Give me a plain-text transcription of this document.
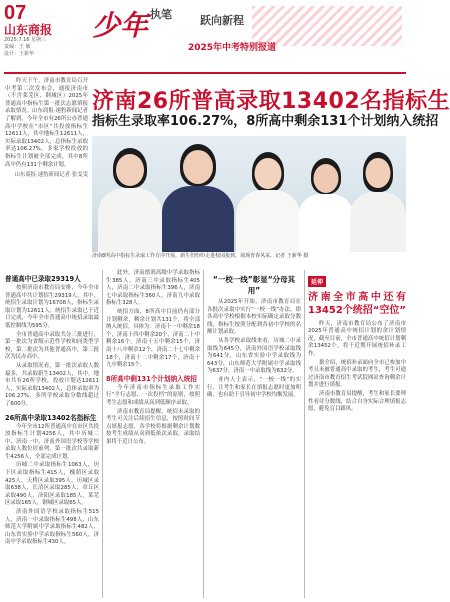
07
山东商报
2025.7.16 星期三
责编：王 敏
设计：王新华
少年 执笔	跃向新程
2025年中考特别报道
济南26所普高录取13402名指标生
指标生录取率106.27%，8所高中剩余131个计划纳入统招

昨天下午，济南市教育局召开中考第二次发布会，通报济南市（不含莱芜区、钢城区）2025年普通高中指标生第一批次志愿填报录取情况。山东商报·速豹新闻记者了解到，今年全市有26所公办普通高中学校在“市区”共投放指标生12611人，其中地标生12611人，实际录取13402人，总指标生录取率达106.27%，多家学校投放的指标生计划被全部完成，其中8所高中仍有131个剩余计划。

山东商报·速豹新闻记者 张雯雯
济南8所高中指标生录取工作有序开展。新生们纷纷走进校园报到，展现青春风采。记者 王新华 摄
普通高中已录取29319人

按照济南市教育局安排，今年全市普通高中共计划招生29319人，其中，统招生录取计划为16708人，指标生录取计划为12611人。统招生录取已于近日完成，今年全市普通高中统招录取最低控制线为595分。

全市普通高中录取共分三批进行，第一批次为省级示范性学校和同类型学校，第二批次为其他普通高中，第三批次为民办高中。

从录取情况看，第一批次录取人数最多，共录取新生13402人，其中，地市共有26所学校，投放计划达12611人，实际录取13402人，总体录取率为106.27%，多所学校录取分数线超过了600分。

26所高中录取13402名指标生

今年全市12所普通高中在市区共投放指标生计划4256人，其中历城二中、济南一中、济南外国语学校等学校录取人数位居前列，第一批次共录取新生4256人，全部完成计划。

历城二中录取指标生1063人，历下区录取指标生415人，槐荫区录取425人，天桥区录取395人，历城区录取638人，长清区录取285人，章丘区录取490人，济阳区录取185人，莱芜区录取165人，钢城区录取65人。

济南外国语学校录取指标生515人，济南一中录取指标生498人，山东师范大学附属中学录取指标生482人，山东省实验中学录取指标生560人，济南中学录取指标生430人。

此外，济南德润高级中学录取指标生385人，济南三中录取指标生405人，济南二中录取指标生396人，济南七中录取指标生360人，济南九中录取指标生328人。

统招方面，8所高中目前仍有部分计划剩余，剩余计划共131个，将全部纳入统招。具体为：济南十一中剩余18个，济南十四中剩余20个，济南二十中剩余16个，济南十五中剩余15个，济南十八中剩余12个，济南二十七中剩余18个，济南十二中剩余17个，济南十九中剩余15个。

8所高中剩131个计划纳入统招

今年济南市指标生录取工作实行“平行志愿、一次投档”的原则，按照考生志愿和成绩从高到低顺序录取。

济南市教育局提醒，统招未录取的考生可关注后续招生信息，按照时间节点填报志愿，各学校将根据剩余计划数按考生成绩从高到低依次录取，录取结果将于近日公布。

“一校一线”彰显“分母其用”

从2025年开始，济南市教育局在各批次录取中实行“一校一线”办法，即各高中学校根据本校实际确定录取分数线，指标生按照分配到各初中学校的名额计划录取。

从各学校录取线来看，历城二中录取线为645分，济南外国语学校录取线为641分，山东省实验中学录取线为643分，山东师范大学附属中学录取线为637分，济南一中录取线为632分。

业内人士表示，“一校一线”的实行，让考生和家长在填报志愿时更加明确，也有助于引导初中学校均衡发展。

延伸
济南全市高中还有13452个统招“空位”

昨天，济南市教育局公布了济南市2025年普通高中统招计划的余计划情况，截至目前，全市普通高中统招计划剩余13452个，将于近期开展统招补录工作。

据介绍，统招补录面向全市已参加中考且未被普通高中录取的考生，考生可通过济南市教育招生考试院网站查询剩余计划并进行填报。

济南市教育局提醒，考生和家长要理性看待分数线，结合自身实际合理填报志愿，避免盲目跟风。
